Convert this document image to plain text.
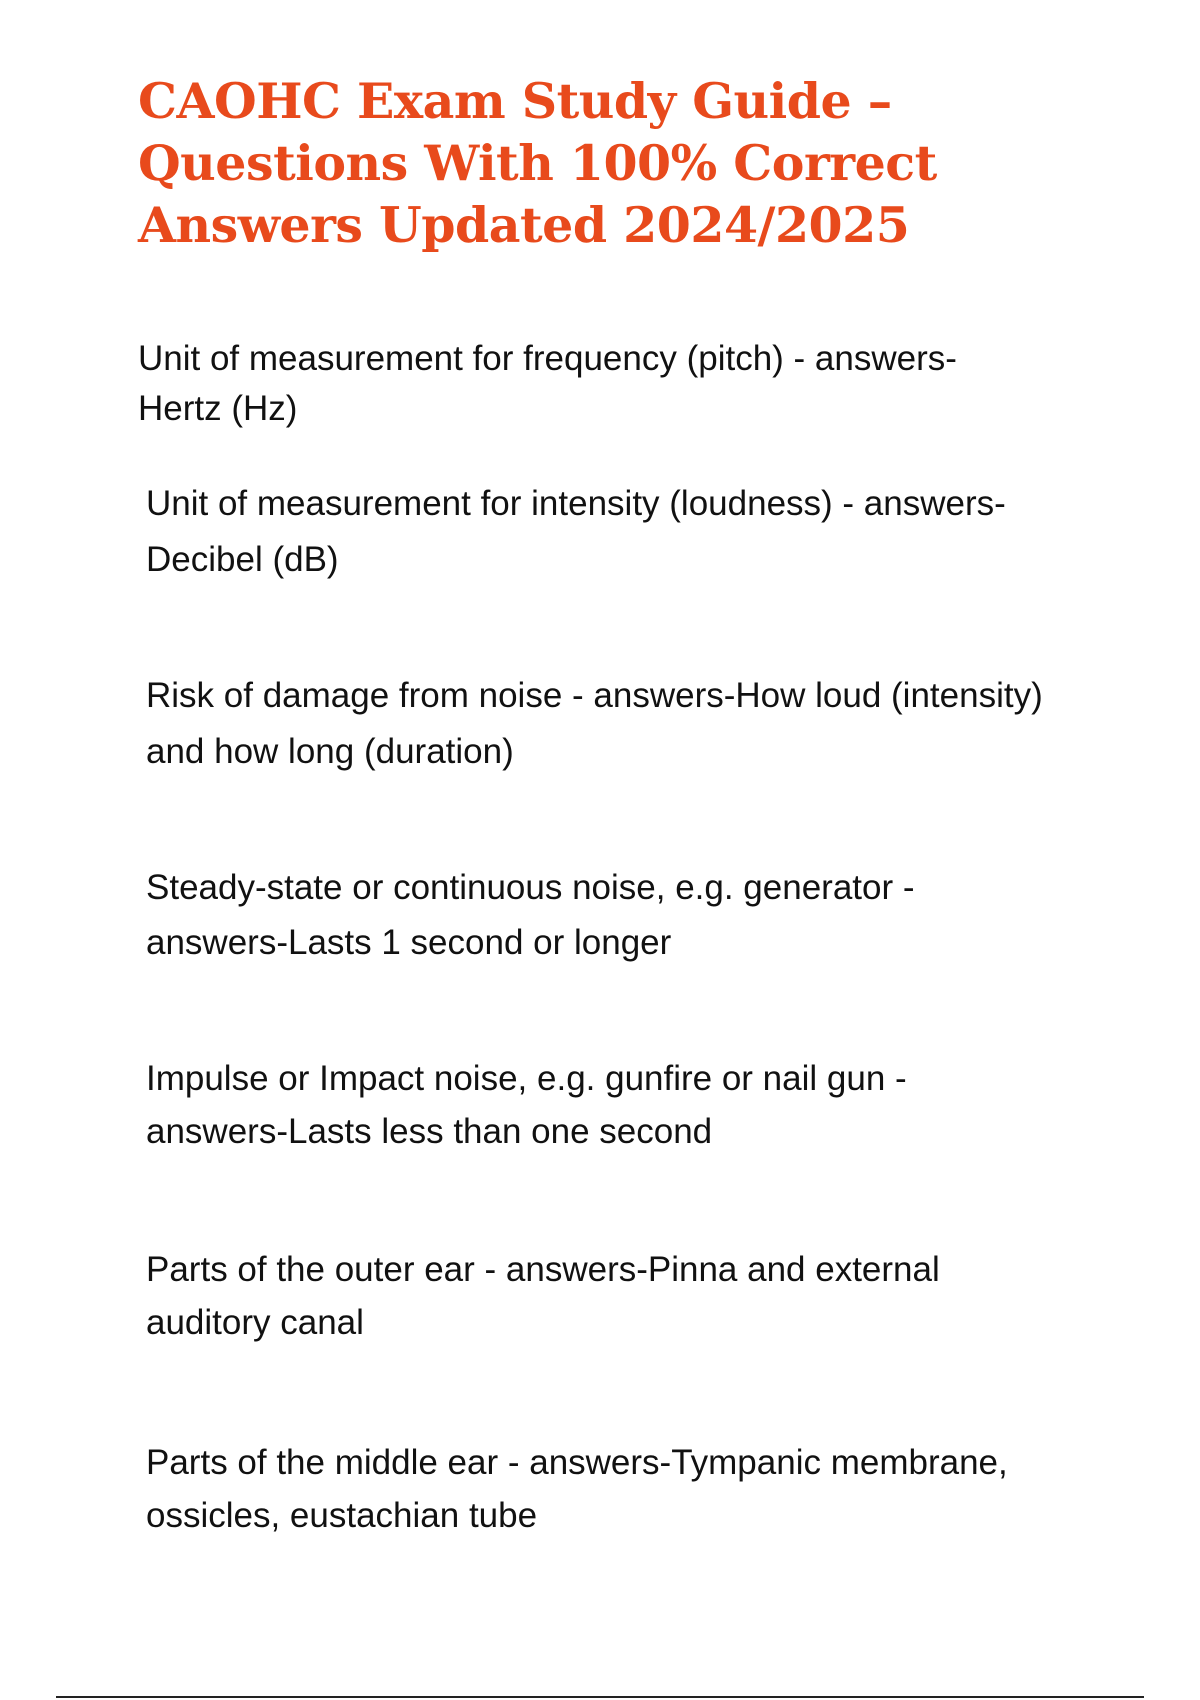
CAOHC Exam Study Guide – Questions With 100% Correct Answers Updated 2024/2025

Unit of measurement for frequency (pitch) - answers-Hertz (Hz)

Unit of measurement for intensity (loudness) - answers-Decibel (dB)

Risk of damage from noise - answers-How loud (intensity) and how long (duration)

Steady-state or continuous noise, e.g. generator - answers-Lasts 1 second or longer

Impulse or Impact noise, e.g. gunfire or nail gun - answers-Lasts less than one second

Parts of the outer ear - answers-Pinna and external auditory canal

Parts of the middle ear - answers-Tympanic membrane, ossicles, eustachian tube
